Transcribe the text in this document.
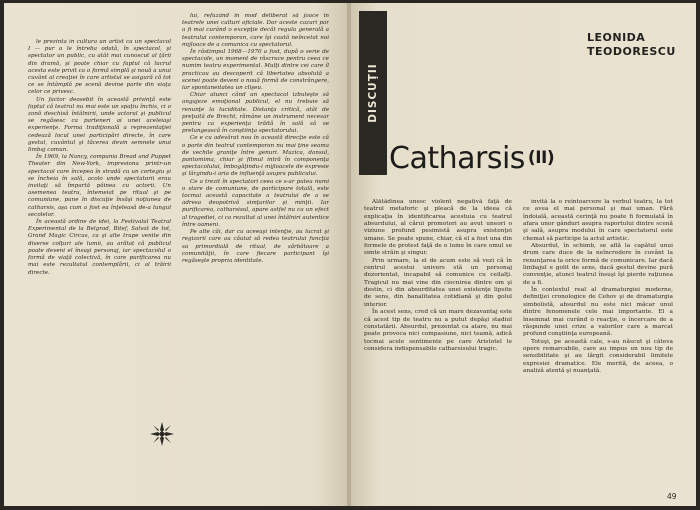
le prezinta în cultura un artist ca un spectacol I — pur a le întreba odată, în spectacol, şi spectator un public, cu atât mai cunoscut al ţării din dramă, şi poate chiar cu faptul că lucrul acesta este privit ca o formă simplă şi nouă a unui cuvânt al creaţiei în care artistul se asigură că tot ce se întâmplă pe scenă devine parte din viaţa celor ce privesc.

Un factor deosebit în această privinţă este faptul că teatrul nu mai este un spaţiu închis, ci o zonă deschisă întâlnirii, unde actorul şi publicul se regăsesc ca parteneri ai unei aceleiaşi experienţe. Forma tradiţională a reprezentaţiei cedează locul unei participări directe, în care gestul, cuvântul şi tăcerea devin semnele unui limbaj comun.

În 1969, la Nancy, compania Bread and Puppet Theater din New-York, impresiona printr-un spectacol care începea în stradă cu un cortegiu şi se încheia în sală, acolo unde spectatorii erau invitaţi să împartă pâinea cu actorii. Un asemenea teatru, întemeiat pe ritual şi pe comuniune, pune în discuţie însăşi noţiunea de catharsis, aşa cum a fost ea înţeleasă de-a lungul secolelor.

În această ordine de idei, la Festivalul Teatral Experimental de la Belgrad, Bitef, Salvat de tot, Grand Magic Circus, ca şi alte trupe venite din diverse colţuri ale lumii, au arătat că publicul poate deveni el însuşi personaj, iar spectacolul o formă de viaţă colectivă, în care purificarea nu mai este rezultatul contemplării, ci al trăirii directe.

lui, refuzând în mod deliberat să joace în teatrele unei culturi oficiale. Dar aceste cazuri par a fi mai curând o excepţie decât regula generală a teatrului contemporan, care îşi caută neîncetat noi mijloace de a comunica cu spectatorul.

În răstimpul 1968—1970 a fost, după o serie de spectacole, un moment de răscruce pentru ceea ce numim teatru experimental. Mulţi dintre cei care îl practicau au descoperit că libertatea absolută a scenei poate deveni o nouă formă de constrângere, iar spontaneitatea un clişeu.

Chiar atunci când un spectacol izbuteşte să angajeze emoţional publicul, el nu trebuie să renunţe la luciditate. Distanţa critică, atât de preţuită de Brecht, rămâne un instrument necesar pentru ca experienţa trăită în sală să se prelungească în conştiinţa spectatorului.

Ce e cu adevărat nou în această direcţie este că o parte din teatrul contemporan nu mai ţine seama de vechile graniţe între genuri. Muzica, dansul, pantomima, chiar şi filmul intră în componenţa spectacolului, îmbogăţindu-i mijloacele de expresie şi lărgindu-i aria de influenţă asupra publicului.

Ce a trezit în spectatori ceea ce s-ar putea numi o stare de comuniune, de participare totală, este tocmai această capacitate a teatrului de a se adresa deopotrivă simţurilor şi minţii. Iar purificarea, catharsisul, apare astfel nu ca un efect al tragediei, ci ca rezultat al unei întâlniri autentice între oameni.

Pe alte căi, dar cu aceeaşi intenţie, au lucrat şi regizorii care au căutat să redea teatrului funcţia sa primordială de ritual, de sărbătoare a comunităţii, în care fiecare participant îşi regăseşte propria identitate.

DISCUŢII
LEONIDA
TEODORESCU
Catharsis (II)

Alătădinea unesc violent negativă faţă de teatrul metaforic şi pleacă de la ideea că explicaţia în identificarea acestuia cu teatrul absurdului, al cărui promotori au avut uneori o viziune profund pesimistă asupra existenţei umane. Se poate spune, chiar, că el a fost una din formele de protest faţă de o lume în care omul se simte străin şi singur.

Prin urmare, la el de acum este să vezi că în centrul acestui univers stă un personaj dezorientat, incapabil să comunice cu ceilalţi. Tragicul nu mai vine din ciocnirea dintre om şi destin, ci din absurditatea unei existenţe lipsite de sens, din banalitatea cotidiană şi din golul interior.

În acest sens, cred că un mare dezavantaj este că acest tip de teatru nu a putut depăşi stadiul constatării. Absurdul, prezentat ca atare, nu mai poate provoca nici compasiune, nici teamă, adică tocmai acele sentimente pe care Aristotel le considera indispensabile catharsisului tragic.

invită la o reîntoarcere la verbul teatru, la tot ce avea el mai personal şi mai uman. Fără îndoială, această cerinţă nu poate fi formulată în afara unor gânduri asupra raportului dintre scenă şi sală, asupra modului în care spectatorul este chemat să participe la actul artistic.

Absurdul, în schimb, se află la capătul unui drum care duce de la neîncredere în cuvânt la renunţarea la orice formă de comunicare. Iar dacă limbajul e golit de sens, dacă gestul devine pură convenţie, atunci teatrul însuşi îşi pierde raţiunea de a fi.

În contextul real al dramaturgiei moderne, definiţiei cronologice de Cehov şi de dramaturgia simbolistă, absurdul nu este nici măcar unul dintre fenomenele cele mai importante. El a însemnat mai curând o reacţie, o încercare de a răspunde unei crize a valorilor care a marcat profund conştiinţa europeană.

Totuşi, pe această cale, s-au născut şi câteva opere remarcabile, care au impus un nou tip de sensibilitate şi au lărgit considerabil limitele expresiei dramatice. Ele merită, de aceea, o analiză atentă şi nuanţată.

49
